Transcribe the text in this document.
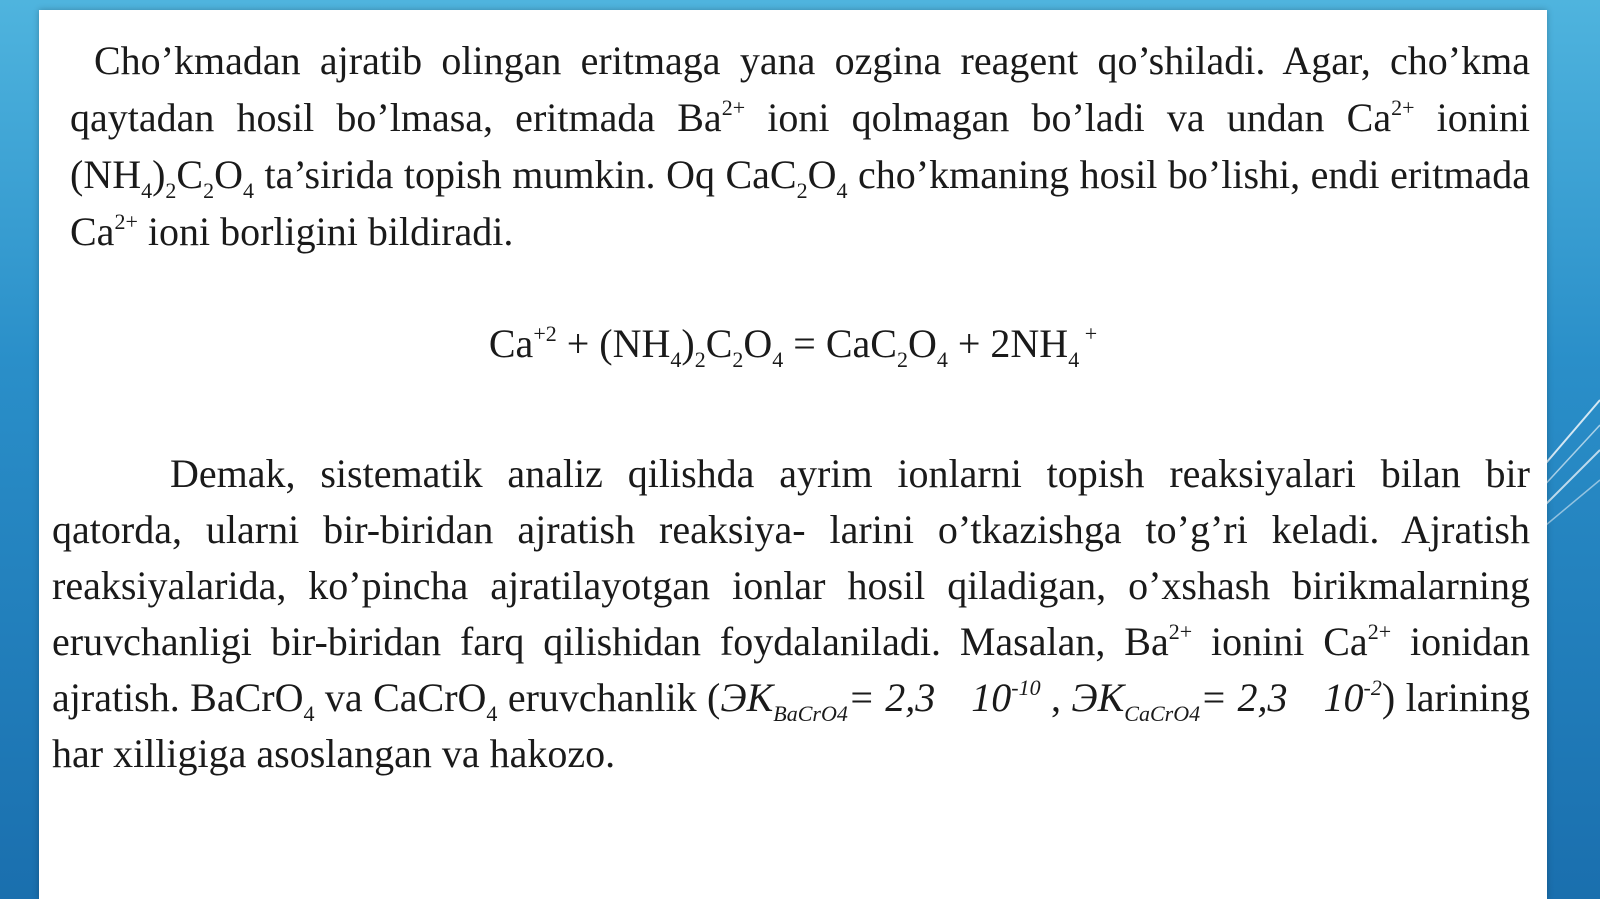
Cho’kmadan ajratib olingan eritmaga yana ozgina reagent qo’shiladi. Agar, cho’kma qaytadan hosil bo’lmasa, eritmada $Ba^{2+}$ ioni qolmagan bo’ladi va undan $Ca^{2+}$ ionini $(NH_4)_2C_2O_4$ ta’sirida topish mumkin. Oq $CaC_2O_4$ cho’kmaning hosil bo’lishi, endi eritmada $Ca^{2+}$ ioni borligini bildiradi.

$Ca^{+2} + (NH_4)_2C_2O_4 = CaC_2O_4 + 2NH_4$ +

Demak, sistematik analiz qilishda ayrim ionlarni topish reaksiyalari bilan bir qatorda, ularni bir-biridan ajratish reaksiya- larini o’tkazishga to’g’ri keladi. Ajratish reaksiyalarida, ko’pincha ajratilayotgan ionlar hosil qiladigan, o’xshash birikmalarning eruvchanligi bir-biridan farq qilishidan foydalaniladi. Masalan, $Ba^{2+}$ ionini $Ca^{2+}$ ionidan ajratish. BaCrO$_4$ va CaCrO$_4$ eruvchanlik ($ЭK_{BaCrO4}= 2,3$ $10^{-10}$ , $ЭK_{CaCrO4}= 2,3$ $10^{-2}$) larining har xilligiga asoslangan va hakozo.
